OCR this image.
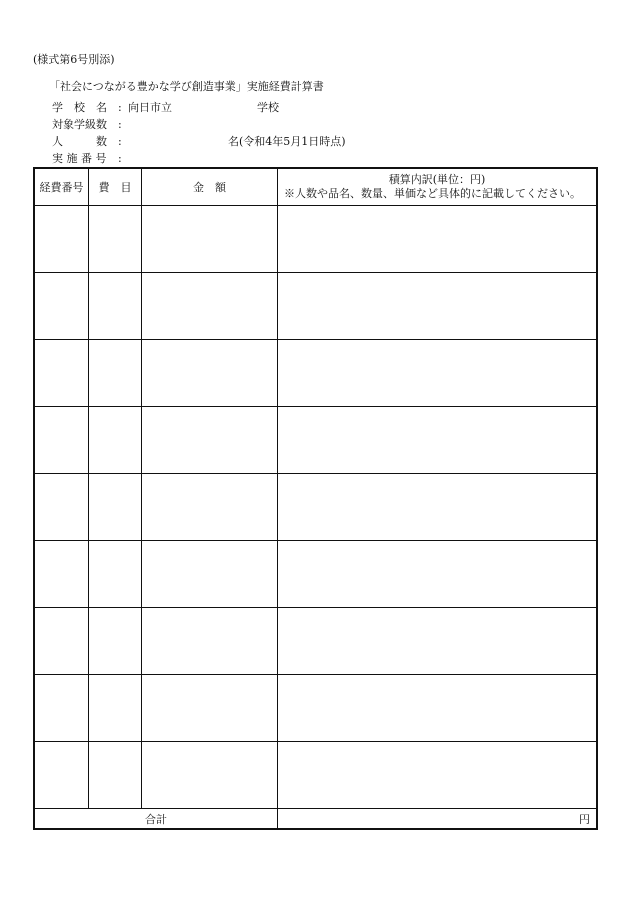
(様式第6号別添)
「社会につながる豊かな学び創造事業」実施経費計算書
学　校　名	: 向日市立	学校
対象学級数	:
人　　　数	:	名(令和4年5月1日時点)
実 施 番 号	:
経費番号	費　目	金　額	積算内訳(単位：円)
※人数や品名、数量、単価など具体的に記載してください。

合計			円
